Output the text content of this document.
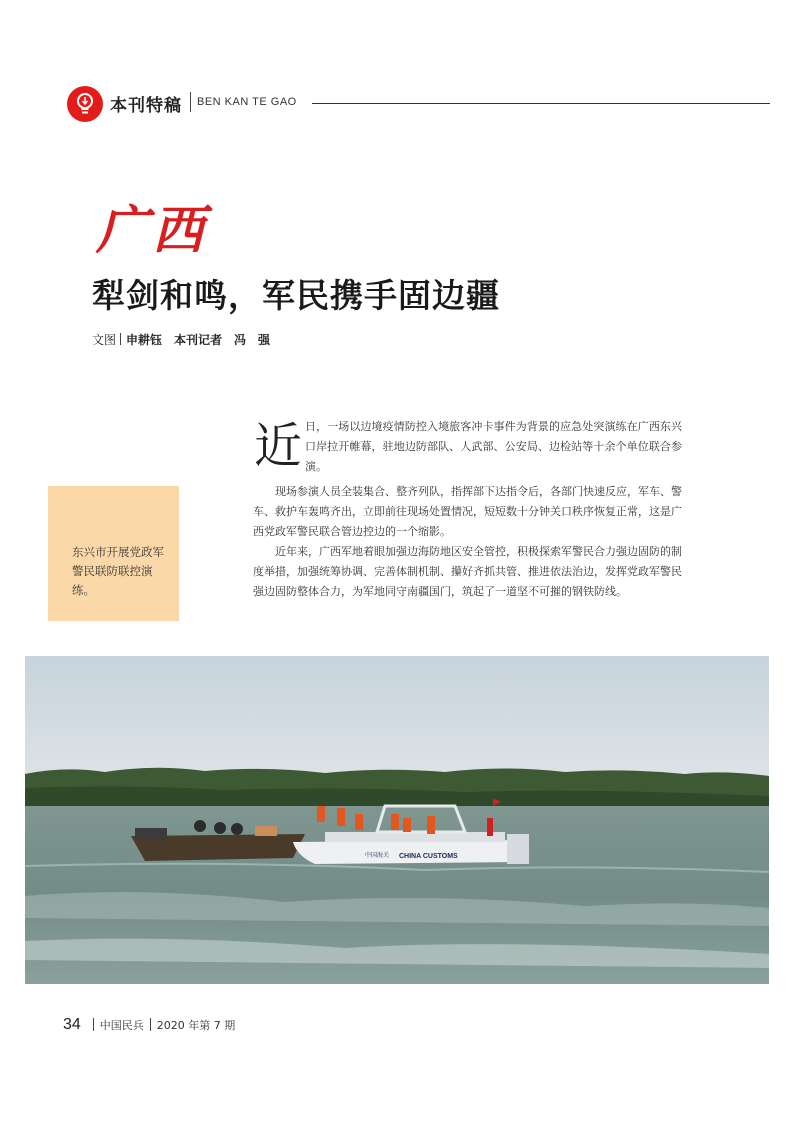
本刊特稿 BEN KAN TE GAO
广西
犁剑和鸣，军民携手固边疆
文图 申耕钰　本刊记者　冯　强
东兴市开展党政军警民联防联控演练。
近 日，一场以边境疫情防控入境旅客冲卡事件为背景的应急处突演练在广西东兴口岸拉开帷幕，驻地边防部队、人武部、公安局、边检站等十余个单位联合参演。
现场参演人员全装集合、整齐列队，指挥部下达指令后，各部门快速反应，军车、警车、救护车轰鸣齐出，立即前往现场处置情况，短短数十分钟关口秩序恢复正常，这是广西党政军警民联合管边控边的一个缩影。
近年来，广西军地着眼加强边海防地区安全管控，积极探索军警民合力强边固防的制度举措，加强统筹协调、完善体制机制、攥好齐抓共管、推进依法治边，发挥党政军警民强边固防整体合力，为军地同守南疆国门，筑起了一道坚不可摧的钢铁防线。
中国海关 CHINA CUSTOMS
34 中国民兵 2020 年第 7 期
